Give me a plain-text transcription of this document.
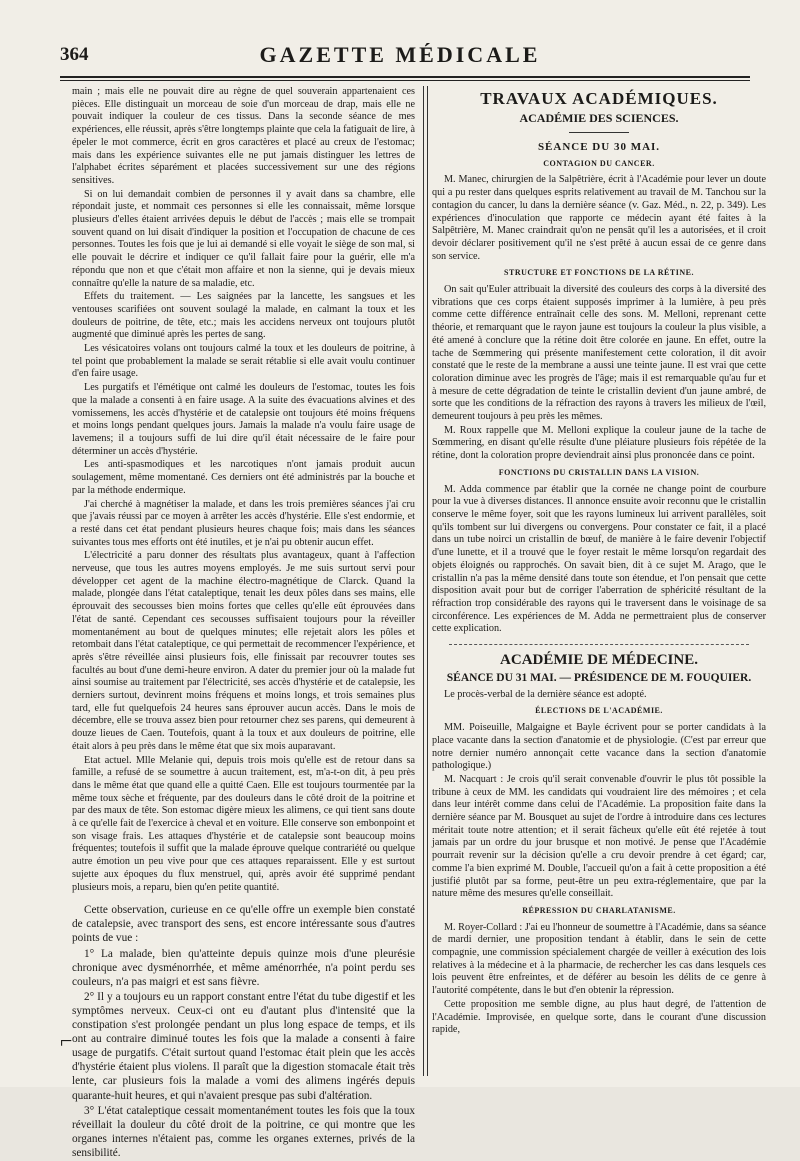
364	GAZETTE MÉDICALE

main ; mais elle ne pouvait dire au règne de quel souverain appartenaient ces pièces. Elle distinguait un morceau de soie d'un morceau de drap, mais elle ne pouvait indiquer la couleur de ces tissus. Dans la seconde séance de mes expériences, elle réussit, après s'être longtemps plainte que cela la fatiguait de lire, à épeler le mot commerce, écrit en gros caractères et placé au creux de l'estomac; mais dans les expérience suivantes elle ne put jamais distinguer les lettres de l'alphabet écrites séparément et placées successivement sur une des régions sensitives.

Si on lui demandait combien de personnes il y avait dans sa chambre, elle répondait juste, et nommait ces personnes si elle les connaissait, même lorsque plusieurs d'elles étaient arrivées depuis le début de l'accès ; mais elle se trompait souvent quand on lui disait d'indiquer la position et l'occupation de chacune de ces personnes. Toutes les fois que je lui ai demandé si elle voyait le siège de son mal, si elle pouvait le décrire et indiquer ce qu'il fallait faire pour la guérir, elle m'a répondu que non et que c'était mon affaire et non la sienne, qui je devais mieux connaître qu'elle la nature de sa maladie, etc.

Effets du traitement. — Les saignées par la lancette, les sangsues et les ventouses scarifiées ont souvent soulagé la malade, en calmant la toux et les douleurs de poitrine, de tête, etc.; mais les accidens nerveux ont toujours plutôt augmenté que diminué après les pertes de sang.

Les vésicatoires volans ont toujours calmé la toux et les douleurs de poitrine, à tel point que probablement la malade se serait rétablie si elle avait voulu continuer d'en faire usage.

Les purgatifs et l'émétique ont calmé les douleurs de l'estomac, toutes les fois que la malade a consenti à en faire usage. A la suite des évacuations alvines et des vomissemens, les accès d'hystérie et de catalepsie ont toujours été moins fréquens et moins longs pendant quelques jours. Jamais la malade n'a voulu faire usage de lavemens; il a toujours suffi de lui dire qu'il était nécessaire de le faire pour déterminer un accès d'hystérie.

Les anti-spasmodiques et les narcotiques n'ont jamais produit aucun soulagement, même momentané. Ces derniers ont été administrés par la bouche et par la méthode endermique.

J'ai cherché à magnétiser la malade, et dans les trois premières séances j'ai cru que j'avais réussi par ce moyen à arrêter les accès d'hystérie. Elle s'est endormie, et a resté dans cet état pendant plusieurs heures chaque fois; mais dans les séances suivantes tous mes efforts ont été inutiles, et je n'ai pu obtenir aucun effet.

L'électricité a paru donner des résultats plus avantageux, quant à l'affection nerveuse, que tous les autres moyens employés. Je me suis surtout servi pour développer cet agent de la machine électro-magnétique de Clarck. Quand la malade, plongée dans l'état cataleptique, tenait les deux pôles dans ses mains, elle éprouvait des secousses bien moins fortes que celles qu'elle eût éprouvées dans l'état de santé. Cependant ces secousses suffisaient toujours pour la réveiller momentanément au bout de quelques minutes; elle rejetait alors les pôles et retombait dans l'état cataleptique, ce qui permettait de recommencer l'expérience, et après s'être réveillée ainsi plusieurs fois, elle finissait par recouvrer toutes ses facultés au bout d'une demi-heure environ. A dater du premier jour où la malade fut ainsi soumise au traitement par l'électricité, ses accès d'hystérie et de catalepsie, les derniers surtout, devinrent moins fréquens et moins longs, et trois semaines plus tard, elle fut quelquefois 24 heures sans éprouver aucun accès. Dans le mois de décembre, elle se trouva assez bien pour retourner chez ses parens, qui demeurent à douze lieues de Caen. Toutefois, quant à la toux et aux douleurs de poitrine, elle était alors à peu près dans le même état que six mois auparavant.

Etat actuel. Mlle Melanie qui, depuis trois mois qu'elle est de retour dans sa famille, a refusé de se soumettre à aucun traitement, est, m'a-t-on dit, à peu près dans le même état que quand elle a quitté Caen. Elle est toujours tourmentée par la même toux sèche et fréquente, par des douleurs dans le côté droit de la poitrine et par des maux de tête. Son estomac digère mieux les alimens, ce qui tient sans doute à ce qu'elle fait de l'exercice à cheval et en voiture. Elle conserve son embonpoint et son visage frais. Les attaques d'hystérie et de catalepsie sont beaucoup moins fréquentes; toutefois il suffit que la malade éprouve quelque contrariété ou quelque autre émotion un peu vive pour que ces attaques reparaissent. Elle y est surtout sujette aux époques du flux menstruel, qui, après avoir été supprimé pendant plusieurs mois, a reparu, bien qu'en petite quantité.

Cette observation, curieuse en ce qu'elle offre un exemple bien constaté de catalepsie, avec transport des sens, est encore intéressante sous d'autres points de vue :

1° La malade, bien qu'atteinte depuis quinze mois d'une pleurésie chronique avec dysménorrhée, et même aménorrhée, n'a point perdu ses couleurs, n'a pas maigri et est sans fièvre.

2° Il y a toujours eu un rapport constant entre l'état du tube digestif et les symptômes nerveux. Ceux-ci ont eu d'autant plus d'intensité que la constipation s'est prolongée pendant un plus long espace de temps, et ils ont au contraire diminué toutes les fois que la malade a consenti à faire usage de purgatifs. C'était surtout quand l'estomac était plein que les accès d'hystérie étaient plus violens. Il paraît que la digestion stomacale était très lente, car plusieurs fois la malade a vomi des alimens ingérés depuis quarante-huit heures, et qui n'avaient presque pas subi d'altération.

3° L'état cataleptique cessait momentanément toutes les fois que la toux réveillait la douleur du côté droit de la poitrine, ce qui montre que les organes internes n'étaient pas, comme les organes externes, privés de la sensibilité.

TRAVAUX ACADÉMIQUES.
ACADÉMIE DES SCIENCES.
SÉANCE DU 30 MAI.
CONTAGION DU CANCER.

M. Manec, chirurgien de la Salpêtrière, écrit à l'Académie pour lever un doute qui a pu rester dans quelques esprits relativement au travail de M. Tanchou sur la contagion du cancer, lu dans la dernière séance (v. Gaz. Méd., n. 22, p. 349). Les expériences d'inoculation que rapporte ce médecin ayant été faites à la Salpêtrière, M. Manec craindrait qu'on ne pensât qu'il les a autorisées, et il croit devoir déclarer positivement qu'il ne s'est prêté à aucun essai de ce genre dans son service.

STRUCTURE ET FONCTIONS DE LA RÉTINE.

On sait qu'Euler attribuait la diversité des couleurs des corps à la diversité des vibrations que ces corps étaient supposés imprimer à la lumière, à peu près comme cette différence entraînait celle des sons. M. Melloni, reprenant cette théorie, et remarquant que le rayon jaune est toujours la couleur la plus visible, a été amené à conclure que la rétine doit être colorée en jaune. En effet, outre la tache de Sœmmering qui présente manifestement cette coloration, il dit avoir constaté que le reste de la membrane a aussi une teinte jaune. Il est vrai que cette coloration diminue avec les progrès de l'âge; mais il est remarquable qu'au fur et à mesure de cette dégradation de teinte le cristallin devient d'un jaune ambré, de sorte que les conditions de la réfraction des rayons à travers les milieux de l'œil, demeurent toujours à peu près les mêmes.

M. Roux rappelle que M. Melloni explique la couleur jaune de la tache de Sœmmering, en disant qu'elle résulte d'une pléiature plusieurs fois répétée de la rétine, dont la coloration propre deviendrait ainsi plus prononcée dans ce point.

FONCTIONS DU CRISTALLIN DANS LA VISION.

M. Adda commence par établir que la cornée ne change point de courbure pour la vue à diverses distances. Il annonce ensuite avoir reconnu que le cristallin conserve le même foyer, soit que les rayons lumineux lui arrivent parallèles, soit qu'ils tombent sur lui divergens ou convergens. Pour constater ce fait, il a placé dans un tube noirci un cristallin de bœuf, de manière à le faire devenir l'objectif d'une lunette, et il a trouvé que le foyer restait le même lorsqu'on regardait des objets éloignés ou rapprochés. On savait bien, dit à ce sujet M. Arago, que le cristallin n'a pas la même densité dans toute son étendue, et l'on pensait que cette disposition avait pour but de corriger l'aberration de sphéricité résultant de la réfraction trop considérable des rayons qui le traversent dans le voisinage de sa circonférence. Les expériences de M. Adda ne permettraient plus de conserver cette explication.

ACADÉMIE DE MÉDECINE.
SÉANCE DU 31 MAI. — PRÉSIDENCE DE M. FOUQUIER.

Le procès-verbal de la dernière séance est adopté.

ÉLECTIONS DE L'ACADÉMIE.

MM. Poiseuille, Malgaigne et Bayle écrivent pour se porter candidats à la place vacante dans la section d'anatomie et de physiologie. (C'est par erreur que notre dernier numéro annonçait cette vacance dans la section d'anatomie pathologique.)

M. Nacquart : Je crois qu'il serait convenable d'ouvrir le plus tôt possible la tribune à ceux de MM. les candidats qui voudraient lire des mémoires ; et cela dans leur intérêt comme dans celui de l'Académie. La proposition faite dans la dernière séance par M. Bousquet au sujet de l'ordre à introduire dans ces lectures méritait toute notre attention; et il serait fâcheux qu'elle eût été rejetée à tout jamais par un ordre du jour brusque et non motivé. Je pense que l'Académie pourrait revenir sur la décision qu'elle a cru devoir prendre à cet égard; car, comme l'a bien exprimé M. Double, l'accueil qu'on a fait à cette proposition a été justifié plutôt par sa forme, peut-être un peu extra-réglementaire, que par la nature même des mesures qu'elle conseillait.

RÉPRESSION DU CHARLATANISME.

M. Royer-Collard : J'ai eu l'honneur de soumettre à l'Académie, dans sa séance de mardi dernier, une proposition tendant à établir, dans le sein de cette compagnie, une commission spécialement chargée de veiller à exécution des lois relatives à la médecine et à la pharmacie, de rechercher les cas dans lesquels ces lois peuvent être enfreintes, et de déférer au besoin les délits de ce genre à l'autorité compétente, dans le but d'en obtenir la répression.

Cette proposition me semble digne, au plus haut degré, de l'attention de l'Académie. Improvisée, en quelque sorte, dans le courant d'une discussion rapide,

⌐
